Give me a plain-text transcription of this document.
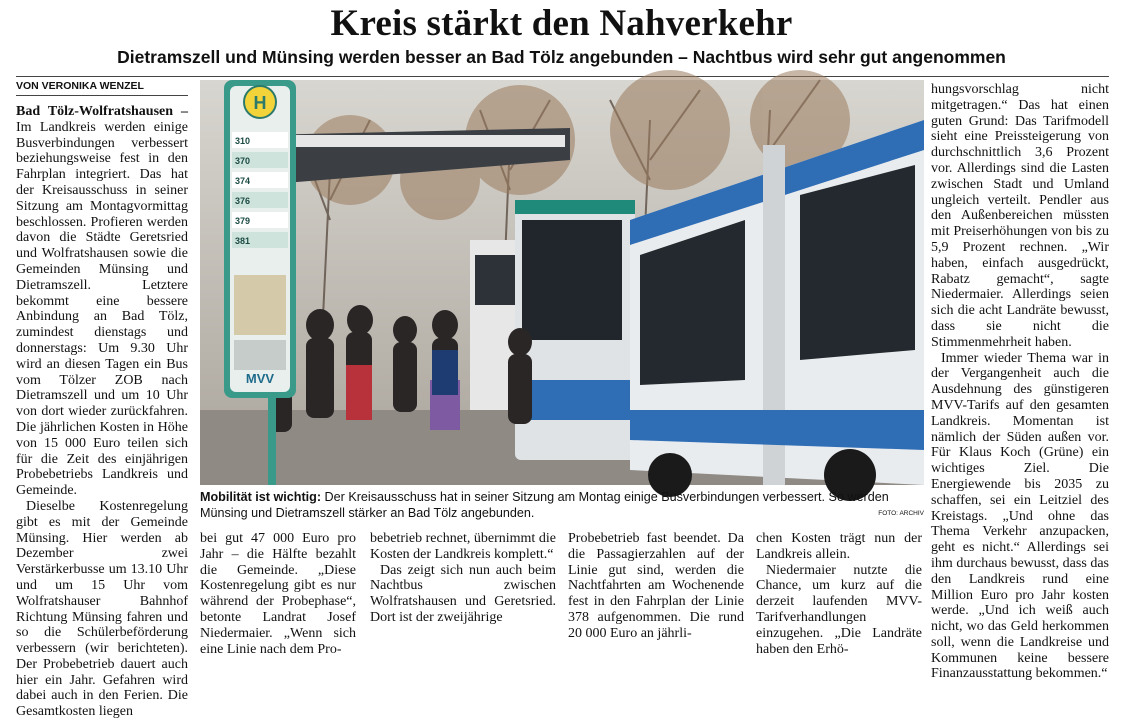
Kreis stärkt den Nahverkehr
Dietramszell und Münsing werden besser an Bad Tölz angebunden – Nachtbus wird sehr gut angenommen
VON VERONIKA WENZEL

Bad Tölz-Wolfratshausen – Im Landkreis werden einige Busverbindungen verbessert beziehungsweise fest in den Fahrplan integriert. Das hat der Kreisausschuss in seiner Sitzung am Montagvormittag beschlossen. Profieren werden davon die Städte Geretsried und Wolfratshausen sowie die Gemeinden Münsing und Dietramszell. Letztere bekommt eine bessere Anbindung an Bad Tölz, zumindest dienstags und donnerstags: Um 9.30 Uhr wird an diesen Tagen ein Bus vom Tölzer ZOB nach Dietramszell und um 10 Uhr von dort wieder zurückfahren. Die jährlichen Kosten in Höhe von 15 000 Euro teilen sich für die Zeit des einjährigen Probebetriebs Landkreis und Gemeinde.

Dieselbe Kostenregelung gibt es mit der Gemeinde Münsing. Hier werden ab Dezember zwei Verstärkerbusse um 13.10 Uhr und um 15 Uhr vom Wolfratshauser Bahnhof Richtung Münsing fahren und so die Schülerbeförderung verbessern (wir berichteten). Der Probebetrieb dauert auch hier ein Jahr. Gefahren wird dabei auch in den Ferien. Die Gesamtkosten liegen

H
310
370
374
376
379
381
MVV
Mobilität ist wichtig: Der Kreisausschuss hat in seiner Sitzung am Montag einige Busverbindungen verbessert. So werden Münsing und Dietramszell stärker an Bad Tölz angebunden.	FOTO: ARCHIV

bei gut 47 000 Euro pro Jahr – die Hälfte bezahlt die Gemeinde. „Diese Kostenregelung gibt es nur während der Probephase“, betonte Landrat Josef Niedermaier. „Wenn sich eine Linie nach dem Pro-

bebetrieb rechnet, übernimmt die Kosten der Landkreis komplett.“

Das zeigt sich nun auch beim Nachtbus zwischen Wolfratshausen und Geretsried. Dort ist der zweijährige

Probebetrieb fast beendet. Da die Passagierzahlen auf der Linie gut sind, werden die Nachtfahrten am Wochenende fest in den Fahrplan der Linie 378 aufgenommen. Die rund 20 000 Euro an jährli-

chen Kosten trägt nun der Landkreis allein.

Niedermaier nutzte die Chance, um kurz auf die derzeit laufenden MVV-Tarifverhandlungen einzugehen. „Die Landräte haben den Erhö-

hungsvorschlag nicht mitgetragen.“ Das hat einen guten Grund: Das Tarifmodell sieht eine Preissteigerung von durchschnittlich 3,6 Prozent vor. Allerdings sind die Lasten zwischen Stadt und Umland ungleich verteilt. Pendler aus den Außenbereichen müssten mit Preiserhöhungen von bis zu 5,9 Prozent rechnen. „Wir haben, einfach ausgedrückt, Rabatz gemacht“, sagte Niedermaier. Allerdings seien sich die acht Landräte bewusst, dass sie nicht die Stimmenmehrheit haben.

Immer wieder Thema war in der Vergangenheit auch die Ausdehnung des günstigeren MVV-Tarifs auf den gesamten Landkreis. Momentan ist nämlich der Süden außen vor. Für Klaus Koch (Grüne) ein wichtiges Ziel. Die Energiewende bis 2035 zu schaffen, sei ein Leitziel des Kreistags. „Und ohne das Thema Verkehr anzupacken, geht es nicht.“ Allerdings sei ihm durchaus bewusst, dass das den Landkreis rund eine Million Euro pro Jahr kosten werde. „Und ich weiß auch nicht, wo das Geld herkommen soll, wenn die Landkreise und Kommunen keine bessere Finanzausstattung bekommen.“
